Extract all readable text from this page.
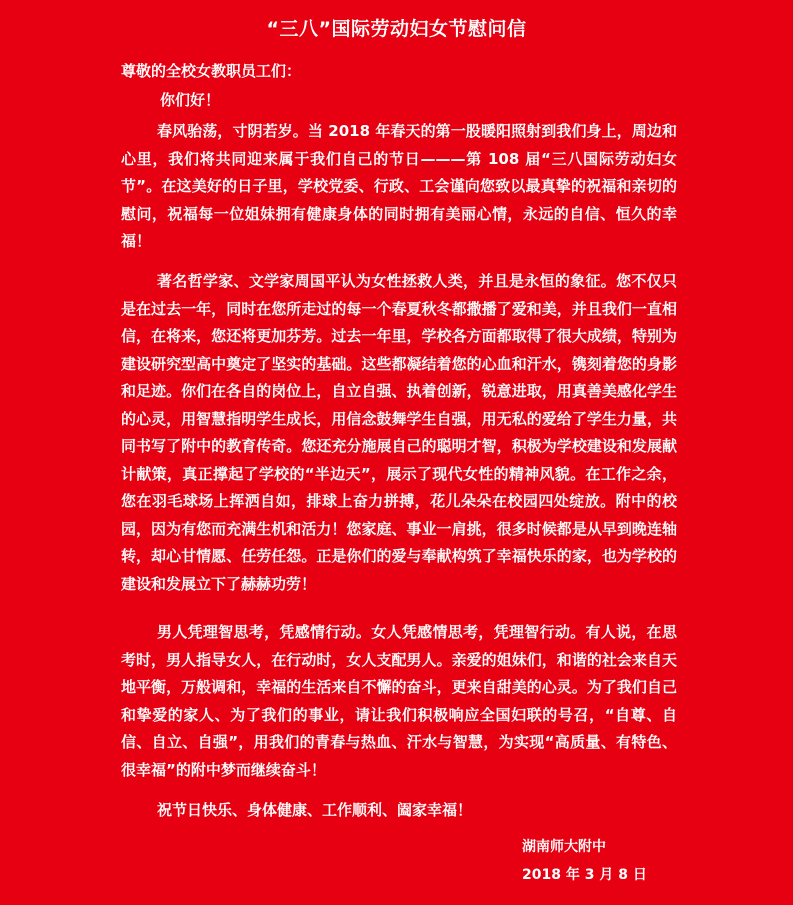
“三八”国际劳动妇女节慰问信
尊敬的全校女教职员工们：
你们好！

春风骀荡，寸阴若岁。当 2018 年春天的第一股暖阳照射到我们身上，周边和心里，我们将共同迎来属于我们自己的节日———第 108 届“三八国际劳动妇女节”。在这美好的日子里，学校党委、行政、工会谨向您致以最真挚的祝福和亲切的慰问，祝福每一位姐妹拥有健康身体的同时拥有美丽心情，永远的自信、恒久的幸福！

著名哲学家、文学家周国平认为女性拯救人类，并且是永恒的象征。您不仅只是在过去一年，同时在您所走过的每一个春夏秋冬都撒播了爱和美，并且我们一直相信，在将来，您还将更加芬芳。过去一年里，学校各方面都取得了很大成绩，特别为建设研究型高中奠定了坚实的基础。这些都凝结着您的心血和汗水，镌刻着您的身影和足迹。你们在各自的岗位上，自立自强、执着创新，锐意进取，用真善美感化学生的心灵，用智慧指明学生成长，用信念鼓舞学生自强，用无私的爱给了学生力量，共同书写了附中的教育传奇。您还充分施展自己的聪明才智，积极为学校建设和发展献计献策，真正撑起了学校的“半边天”，展示了现代女性的精神风貌。在工作之余，您在羽毛球场上挥洒自如，排球上奋力拼搏，花儿朵朵在校园四处绽放。附中的校园，因为有您而充满生机和活力！您家庭、事业一肩挑，很多时候都是从早到晚连轴转，却心甘情愿、任劳任怨。正是你们的爱与奉献构筑了幸福快乐的家，也为学校的建设和发展立下了赫赫功劳！

男人凭理智思考，凭感情行动。女人凭感情思考，凭理智行动。有人说，在思考时，男人指导女人，在行动时，女人支配男人。亲爱的姐妹们，和谐的社会来自天地平衡，万般调和，幸福的生活来自不懈的奋斗，更来自甜美的心灵。为了我们自己和挚爱的家人、为了我们的事业，请让我们积极响应全国妇联的号召，“自尊、自信、自立、自强”，用我们的青春与热血、汗水与智慧，为实现“高质量、有特色、很幸福”的附中梦而继续奋斗！

祝节日快乐、身体健康、工作顺利、阖家幸福！

湖南师大附中
2018 年 3 月 8 日
